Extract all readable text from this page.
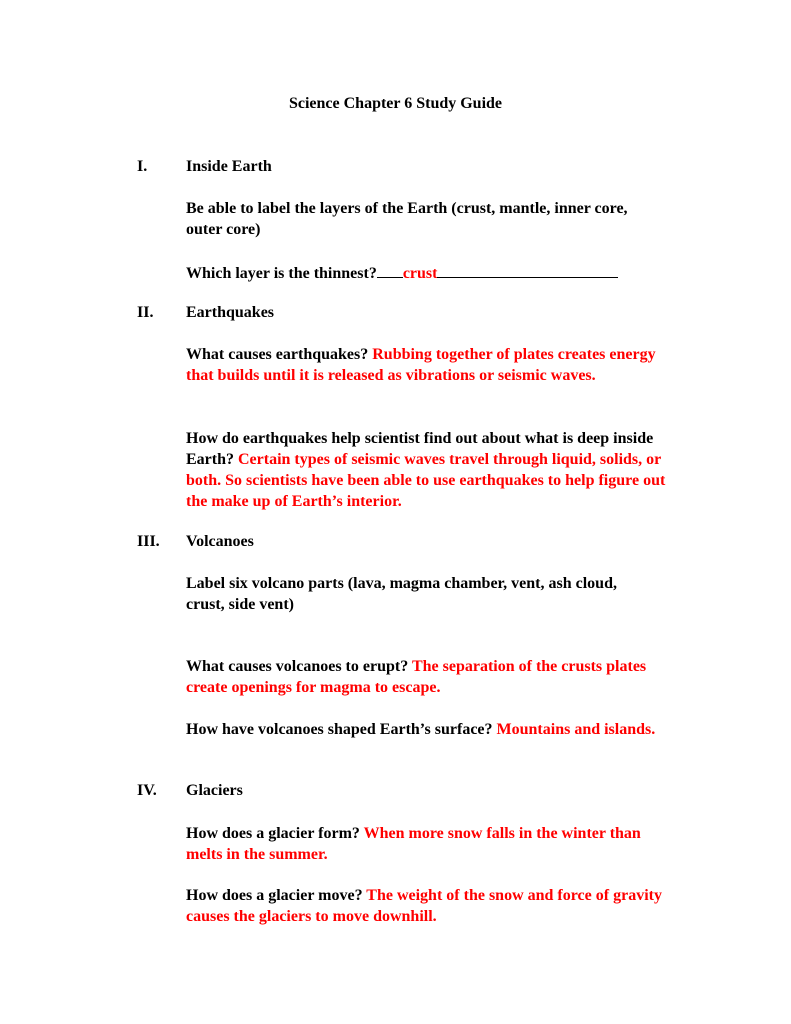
Science Chapter 6 Study Guide
I. Inside Earth
Be able to label the layers of the Earth (crust, mantle, inner core, outer core)
Which layer is the thinnest? crust
II. Earthquakes
What causes earthquakes? Rubbing together of plates creates energy that builds until it is released as vibrations or seismic waves.
How do earthquakes help scientist find out about what is deep inside Earth? Certain types of seismic waves travel through liquid, solids, or both. So scientists have been able to use earthquakes to help figure out the make up of Earth’s interior.
III. Volcanoes
Label six volcano parts (lava, magma chamber, vent, ash cloud, crust, side vent)
What causes volcanoes to erupt? The separation of the crusts plates create openings for magma to escape.
How have volcanoes shaped Earth’s surface? Mountains and islands.
IV. Glaciers
How does a glacier form? When more snow falls in the winter than melts in the summer.
How does a glacier move? The weight of the snow and force of gravity causes the glaciers to move downhill.
